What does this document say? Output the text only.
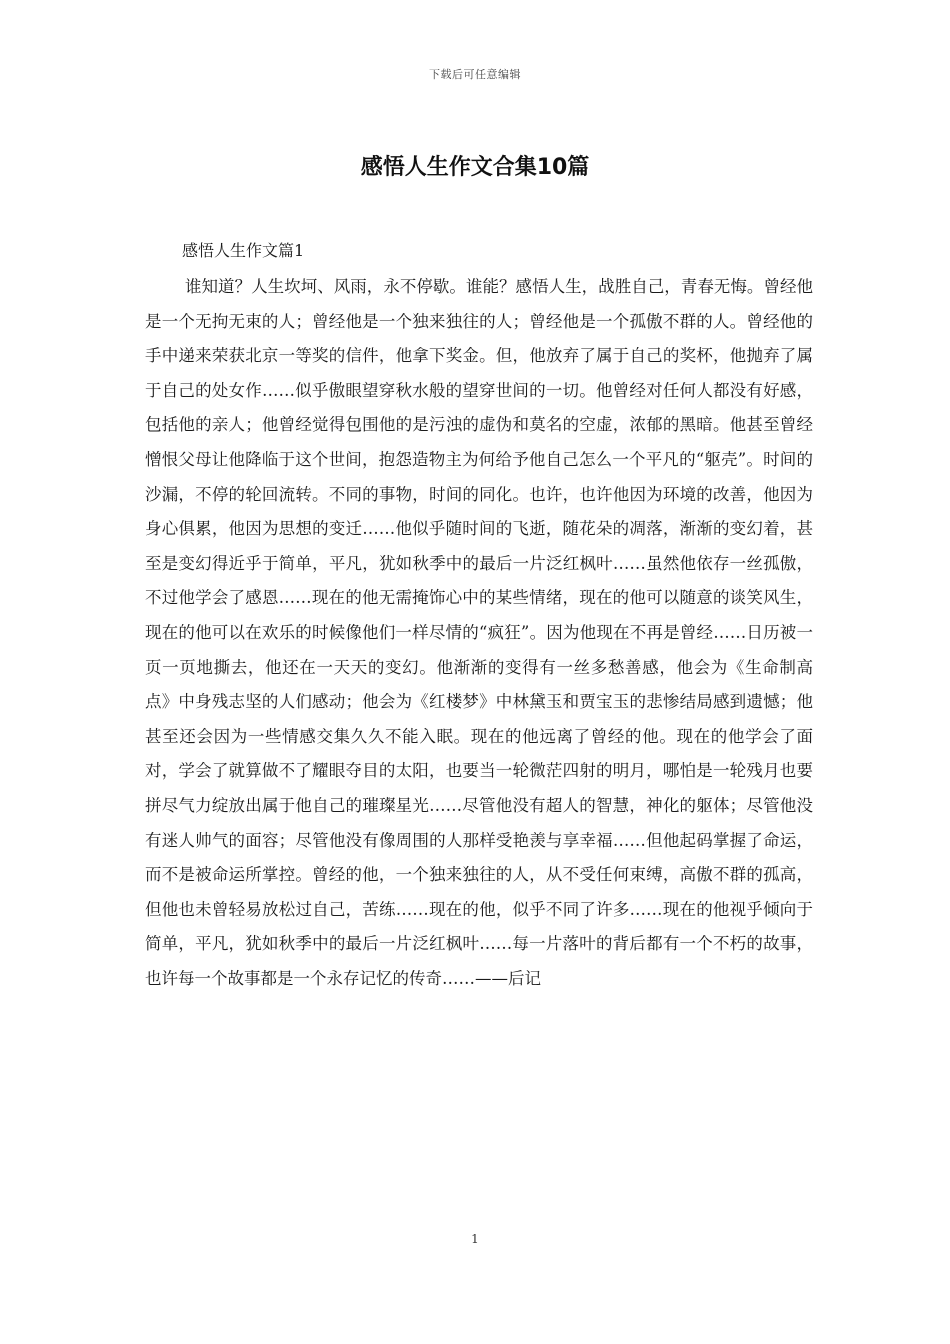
下载后可任意编辑
感悟人生作文合集10篇
感悟人生作文篇1

谁知道？人生坎坷、风雨，永不停歇。谁能？感悟人生，战胜自己，青春无悔。曾经他是一个无拘无束的人；曾经他是一个独来独往的人；曾经他是一个孤傲不群的人。曾经他的手中递来荣获北京一等奖的信件，他拿下奖金。但，他放弃了属于自己的奖杯，他抛弃了属于自己的处女作……似乎傲眼望穿秋水般的望穿世间的一切。他曾经对任何人都没有好感，包括他的亲人；他曾经觉得包围他的是污浊的虚伪和莫名的空虚，浓郁的黑暗。他甚至曾经憎恨父母让他降临于这个世间，抱怨造物主为何给予他自己怎么一个平凡的“躯壳”。时间的沙漏，不停的轮回流转。不同的事物，时间的同化。也许，也许他因为环境的改善，他因为身心俱累，他因为思想的变迁……他似乎随时间的飞逝，随花朵的凋落，渐渐的变幻着，甚至是变幻得近乎于简单，平凡，犹如秋季中的最后一片泛红枫叶……虽然他依存一丝孤傲，不过他学会了感恩……现在的他无需掩饰心中的某些情绪，现在的他可以随意的谈笑风生，现在的他可以在欢乐的时候像他们一样尽情的“疯狂”。因为他现在不再是曾经……日历被一页一页地撕去，他还在一天天的变幻。他渐渐的变得有一丝多愁善感，他会为《生命制高点》中身残志坚的人们感动；他会为《红楼梦》中林黛玉和贾宝玉的悲惨结局感到遗憾；他甚至还会因为一些情感交集久久不能入眠。现在的他远离了曾经的他。现在的他学会了面对，学会了就算做不了耀眼夺目的太阳，也要当一轮微茫四射的明月，哪怕是一轮残月也要拼尽气力绽放出属于他自己的璀璨星光……尽管他没有超人的智慧，神化的躯体；尽管他没有迷人帅气的面容；尽管他没有像周围的人那样受艳羡与享幸福……但他起码掌握了命运，而不是被命运所掌控。曾经的他，一个独来独往的人，从不受任何束缚，高傲不群的孤高，但他也未曾轻易放松过自己，苦练……现在的他，似乎不同了许多……现在的他视乎倾向于简单，平凡，犹如秋季中的最后一片泛红枫叶……每一片落叶的背后都有一个不朽的故事，也许每一个故事都是一个永存记忆的传奇……——后记

1
